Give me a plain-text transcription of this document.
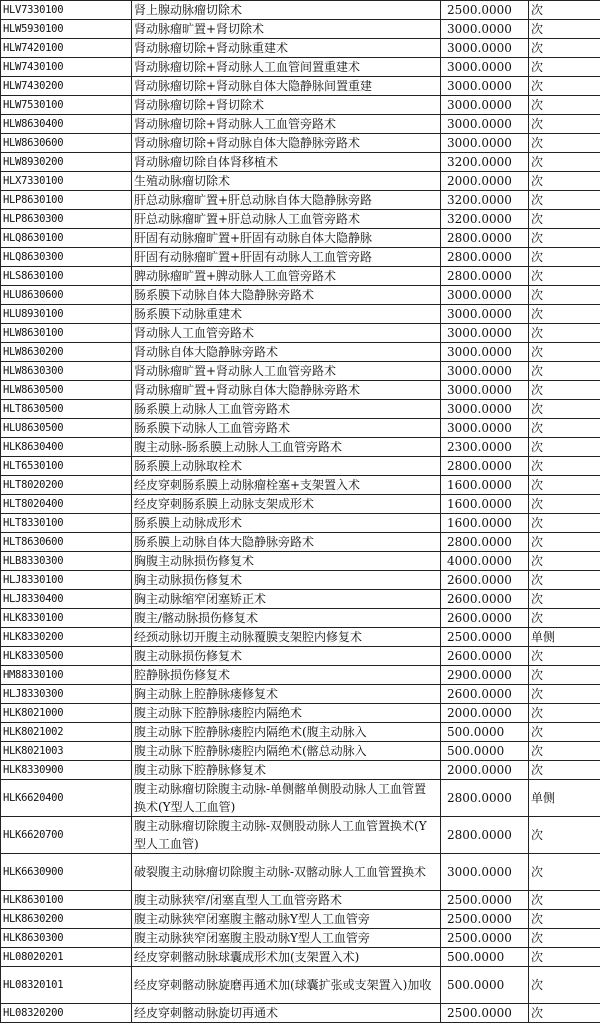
HLV7330100	肾上腺动脉瘤切除术	2500.0000	次
HLW5930100	肾动脉瘤旷置+肾切除术	3000.0000	次
HLW7420100	肾动脉瘤切除+肾动脉重建术	3000.0000	次
HLW7430100	肾动脉瘤切除+肾动脉人工血管间置重建术	3000.0000	次
HLW7430200	肾动脉瘤切除+肾动脉自体大隐静脉间置重建	3000.0000	次
HLW7530100	肾动脉瘤切除+肾切除术	3000.0000	次
HLW8630400	肾动脉瘤切除+肾动脉人工血管旁路术	3000.0000	次
HLW8630600	肾动脉瘤切除+肾动脉自体大隐静脉旁路术	3000.0000	次
HLW8930200	肾动脉瘤切除自体肾移植术	3200.0000	次
HLX7330100	生殖动脉瘤切除术	2000.0000	次
HLP8630100	肝总动脉瘤旷置+肝总动脉自体大隐静脉旁路	3200.0000	次
HLP8630300	肝总动脉瘤旷置+肝总动脉人工血管旁路术	3200.0000	次
HLQ8630100	肝固有动脉瘤旷置+肝固有动脉自体大隐静脉	2800.0000	次
HLQ8630300	肝固有动脉瘤旷置+肝固有动脉人工血管旁路	2800.0000	次
HLS8630100	脾动脉瘤旷置+脾动脉人工血管旁路术	2800.0000	次
HLU8630600	肠系膜下动脉自体大隐静脉旁路术	3000.0000	次
HLU8930100	肠系膜下动脉重建术	3000.0000	次
HLW8630100	肾动脉人工血管旁路术	3000.0000	次
HLW8630200	肾动脉自体大隐静脉旁路术	3000.0000	次
HLW8630300	肾动脉瘤旷置+肾动脉人工血管旁路术	3000.0000	次
HLW8630500	肾动脉瘤旷置+肾动脉自体大隐静脉旁路术	3000.0000	次
HLT8630500	肠系膜上动脉人工血管旁路术	3000.0000	次
HLU8630500	肠系膜下动脉人工血管旁路术	3000.0000	次
HLK8630400	腹主动脉-肠系膜上动脉人工血管旁路术	2300.0000	次
HLT6530100	肠系膜上动脉取栓术	2800.0000	次
HLT8020200	经皮穿刺肠系膜上动脉瘤栓塞+支架置入术	1600.0000	次
HLT8020400	经皮穿刺肠系膜上动脉支架成形术	1600.0000	次
HLT8330100	肠系膜上动脉成形术	1600.0000	次
HLT8630600	肠系膜上动脉自体大隐静脉旁路术	2800.0000	次
HLB8330300	胸腹主动脉损伤修复术	4000.0000	次
HLJ8330100	胸主动脉损伤修复术	2600.0000	次
HLJ8330400	胸主动脉缩窄闭塞矫正术	2600.0000	次
HLK8330100	腹主/髂动脉损伤修复术	2600.0000	次
HLK8330200	经颈动脉切开腹主动脉覆膜支架腔内修复术	2500.0000	单侧
HLK8330500	腹主动脉损伤修复术	2600.0000	次
HM88330100	腔静脉损伤修复术	2900.0000	次
HLJ8330300	胸主动脉上腔静脉瘘修复术	2600.0000	次
HLK8021000	腹主动脉下腔静脉瘘腔内隔绝术	2000.0000	次
HLK8021002	腹主动脉下腔静脉瘘腔内隔绝术(腹主动脉入	500.0000	次
HLK8021003	腹主动脉下腔静脉瘘腔内隔绝术(髂总动脉入	500.0000	次
HLK8330900	腹主动脉下腔静脉修复术	2000.0000	次
HLK6620400	腹主动脉瘤切除腹主动脉-单侧髂单侧股动脉人工血管置换术(Y型人工血管)	2800.0000	单侧
HLK6620700	腹主动脉瘤切除腹主动脉-双侧股动脉人工血管置换术(Y型人工血管)	2800.0000	次
HLK6630900	破裂腹主动脉瘤切除腹主动脉-双髂动脉人工血管置换术	3000.0000	次
HLK8630100	腹主动脉狭窄/闭塞直型人工血管旁路术	2500.0000	次
HLK8630200	腹主动脉狭窄闭塞腹主髂动脉Y型人工血管旁	2500.0000	次
HLK8630300	腹主动脉狭窄闭塞腹主股动脉Y型人工血管旁	2500.0000	次
HL08020201	经皮穿刺髂动脉球囊成形术加(支架置入术)	500.0000	次
HL08320101	经皮穿刺髂动脉旋磨再通术加(球囊扩张或支架置入)加收	500.0000	次
HL08320200	经皮穿刺髂动脉旋切再通术	2500.0000	次
